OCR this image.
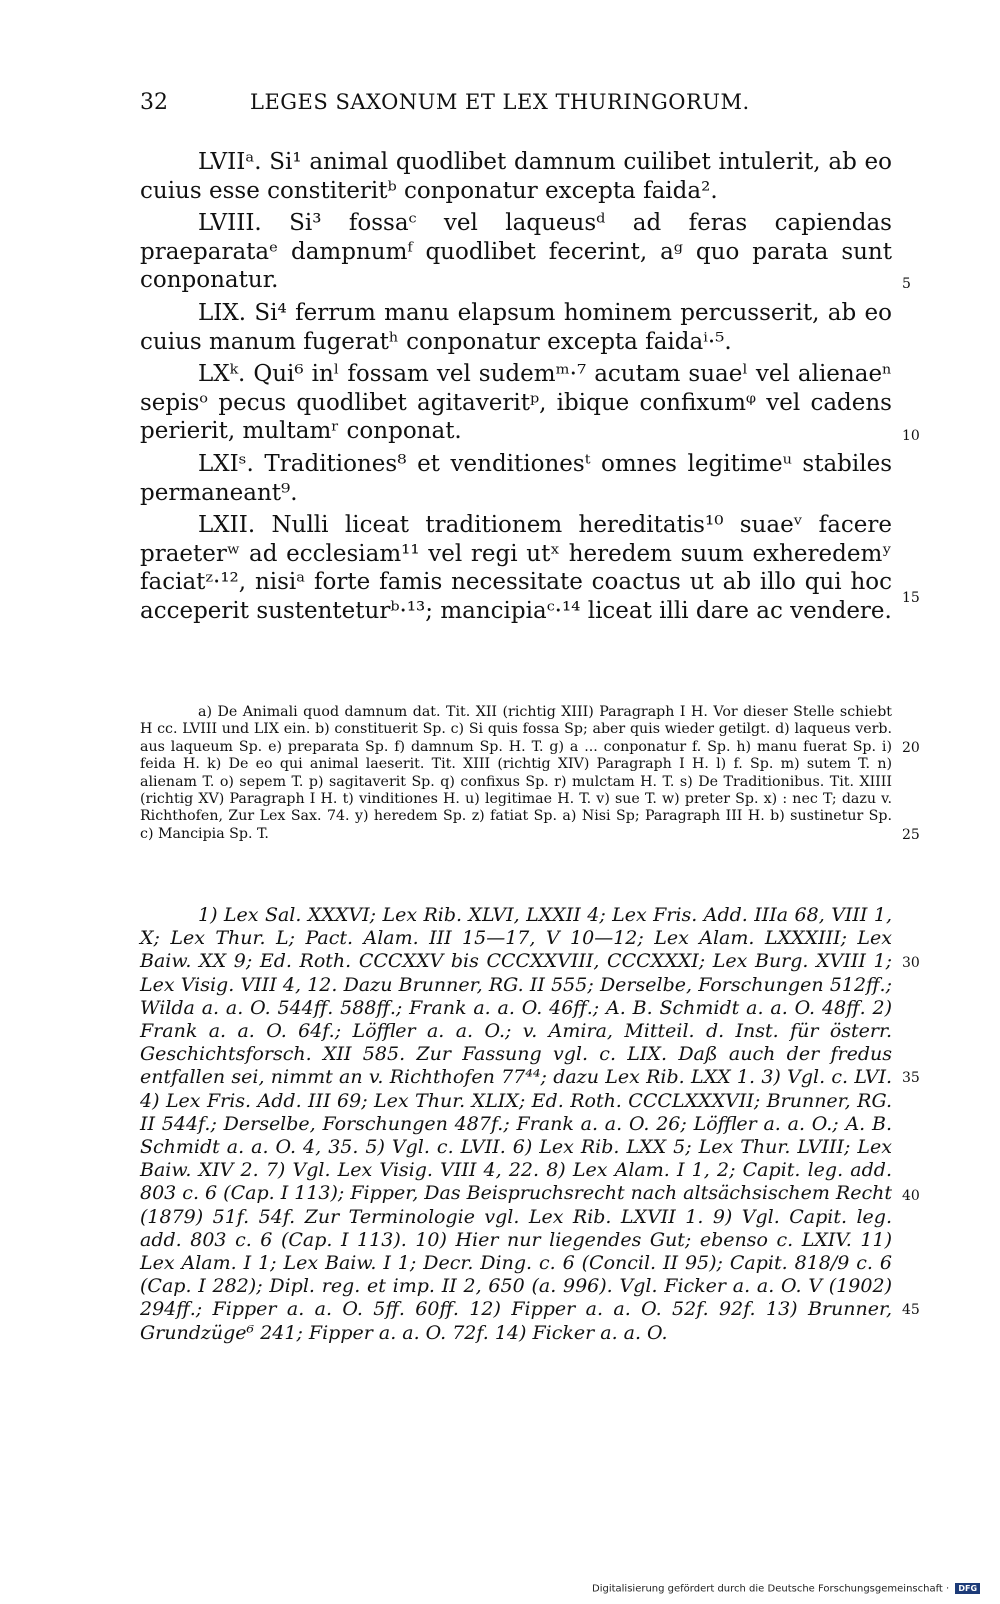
32	LEGES SAXONUM ET LEX THURINGORUM.

LVIIᵃ. Si¹ animal quodlibet damnum cuilibet intulerit, ab eo cuius esse constiteritᵇ conponatur excepta faida².

LVIII. Si³ fossaᶜ vel laqueusᵈ ad feras capiendas praeparataᵉ dampnumᶠ quodlibet fecerint, aᵍ quo parata sunt conponatur.

LIX. Si⁴ ferrum manu elapsum hominem percusserit, ab eo cuius manum fugeratʰ conponatur excepta faidaⁱ·⁵.

LXᵏ. Qui⁶ inˡ fossam vel sudemᵐ·⁷ acutam suaeˡ vel alienaeⁿ sepisᵒ pecus quodlibet agitaveritᵖ, ibique confixumᵠ vel cadens perierit, multamʳ conponat.

LXIˢ. Traditiones⁸ et venditionesᵗ omnes legitimeᵘ stabiles permaneant⁹.

LXII. Nulli liceat traditionem hereditatis¹⁰ suaeᵛ facere praeterʷ ad ecclesiam¹¹ vel regi utˣ heredem suum exheredemʸ faciatᶻ·¹², nisiᵃ forte famis necessitate coactus ut ab illo qui hoc acceperit sustenteturᵇ·¹³; mancipiaᶜ·¹⁴ liceat illi dare ac vendere.

a) De Animali quod damnum dat. Tit. XII (richtig XIII) Paragraph I H. Vor dieser Stelle schiebt H cc. LVIII und LIX ein. b) constituerit Sp. c) Si quis fossa Sp; aber quis wieder getilgt. d) laqueus verb. aus laqueum Sp. e) preparata Sp. f) damnum Sp. H. T. g) a ... conponatur f. Sp. h) manu fuerat Sp. i) feida H. k) De eo qui animal laeserit. Tit. XIII (richtig XIV) Paragraph I H. l) f. Sp. m) sutem T. n) alienam T. o) sepem T. p) sagitaverit Sp. q) confixus Sp. r) mulctam H. T. s) De Traditionibus. Tit. XIIII (richtig XV) Paragraph I H. t) vinditiones H. u) legitimae H. T. v) sue T. w) preter Sp. x) : nec T; dazu v. Richthofen, Zur Lex Sax. 74. y) heredem Sp. z) fatiat Sp. a) Nisi Sp; Paragraph III H. b) sustinetur Sp. c) Mancipia Sp. T.

1) Lex Sal. XXXVI; Lex Rib. XLVI, LXXII 4; Lex Fris. Add. IIIa 68, VIII 1, X; Lex Thur. L; Pact. Alam. III 15—17, V 10—12; Lex Alam. LXXXIII; Lex Baiw. XX 9; Ed. Roth. CCCXXV bis CCCXXVIII, CCCXXXI; Lex Burg. XVIII 1; Lex Visig. VIII 4, 12. Dazu Brunner, RG. II 555; Derselbe, Forschungen 512ff.; Wilda a. a. O. 544ff. 588ff.; Frank a. a. O. 46ff.; A. B. Schmidt a. a. O. 48ff. 2) Frank a. a. O. 64f.; Löffler a. a. O.; v. Amira, Mitteil. d. Inst. für österr. Geschichtsforsch. XII 585. Zur Fassung vgl. c. LIX. Daß auch der fredus entfallen sei, nimmt an v. Richthofen 77⁴⁴; dazu Lex Rib. LXX 1. 3) Vgl. c. LVI. 4) Lex Fris. Add. III 69; Lex Thur. XLIX; Ed. Roth. CCCLXXXVII; Brunner, RG. II 544f.; Derselbe, Forschungen 487f.; Frank a. a. O. 26; Löffler a. a. O.; A. B. Schmidt a. a. O. 4, 35. 5) Vgl. c. LVII. 6) Lex Rib. LXX 5; Lex Thur. LVIII; Lex Baiw. XIV 2. 7) Vgl. Lex Visig. VIII 4, 22. 8) Lex Alam. I 1, 2; Capit. leg. add. 803 c. 6 (Cap. I 113); Fipper, Das Beispruchsrecht nach altsächsischem Recht (1879) 51f. 54f. Zur Terminologie vgl. Lex Rib. LXVII 1. 9) Vgl. Capit. leg. add. 803 c. 6 (Cap. I 113). 10) Hier nur liegendes Gut; ebenso c. LXIV. 11) Lex Alam. I 1; Lex Baiw. I 1; Decr. Ding. c. 6 (Concil. II 95); Capit. 818/9 c. 6 (Cap. I 282); Dipl. reg. et imp. II 2, 650 (a. 996). Vgl. Ficker a. a. O. V (1902) 294ff.; Fipper a. a. O. 5ff. 60ff. 12) Fipper a. a. O. 52f. 92f. 13) Brunner, Grundzüge⁶ 241; Fipper a. a. O. 72f. 14) Ficker a. a. O.

5
10
15
20
25
30
35
40
45
Digitalisierung gefördert durch die Deutsche Forschungsgemeinschaft · DFG
